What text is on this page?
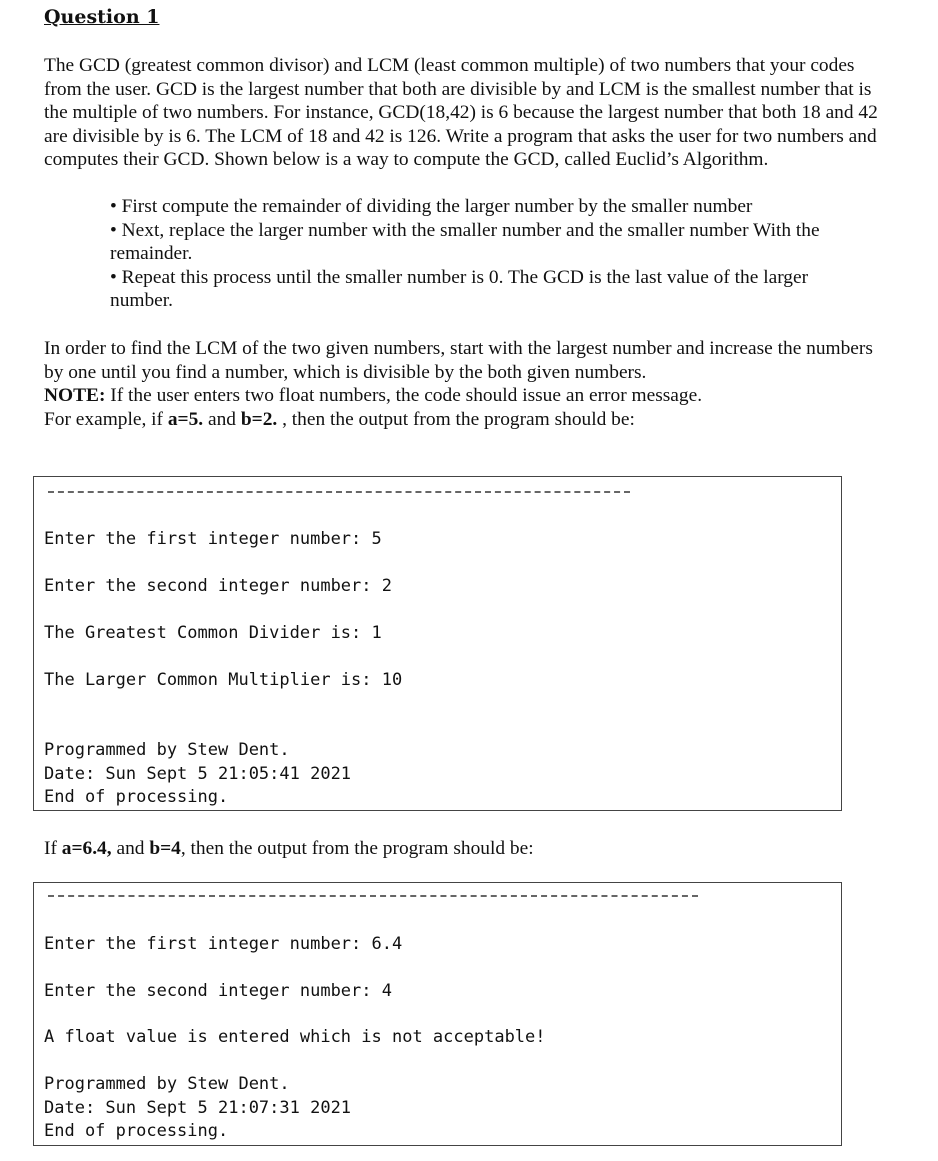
Question 1

The GCD (greatest common divisor) and LCM (least common multiple) of two numbers that your codes from the user. GCD is the largest number that both are divisible by and LCM is the smallest number that is the multiple of two numbers. For instance, GCD(18,42) is 6 because the largest number that both 18 and 42 are divisible by is 6. The LCM of 18 and 42 is 126. Write a program that asks the user for two numbers and computes their GCD. Shown below is a way to compute the GCD, called Euclid’s Algorithm.

• First compute the remainder of dividing the larger number by the smaller number
• Next, replace the larger number with the smaller number and the smaller number With the remainder.
• Repeat this process until the smaller number is 0. The GCD is the last value of the larger number.
In order to find the LCM of the two given numbers, start with the largest number and increase the numbers by one until you find a number, which is divisible by the both given numbers.
NOTE: If the user enters two float numbers, the code should issue an error message.
For example, if a=5. and b=2. , then the output from the program should be:

Enter the first integer number: 5

Enter the second integer number: 2

The Greatest Common Divider is: 1

The Larger Common Multiplier is: 10

Programmed by Stew Dent.

Date: Sun Sept 5 21:05:41 2021

End of processing.

If a=6.4, and b=4, then the output from the program should be:

Enter the first integer number: 6.4

Enter the second integer number: 4

A float value is entered which is not acceptable!

Programmed by Stew Dent.

Date: Sun Sept 5 21:07:31 2021

End of processing.
